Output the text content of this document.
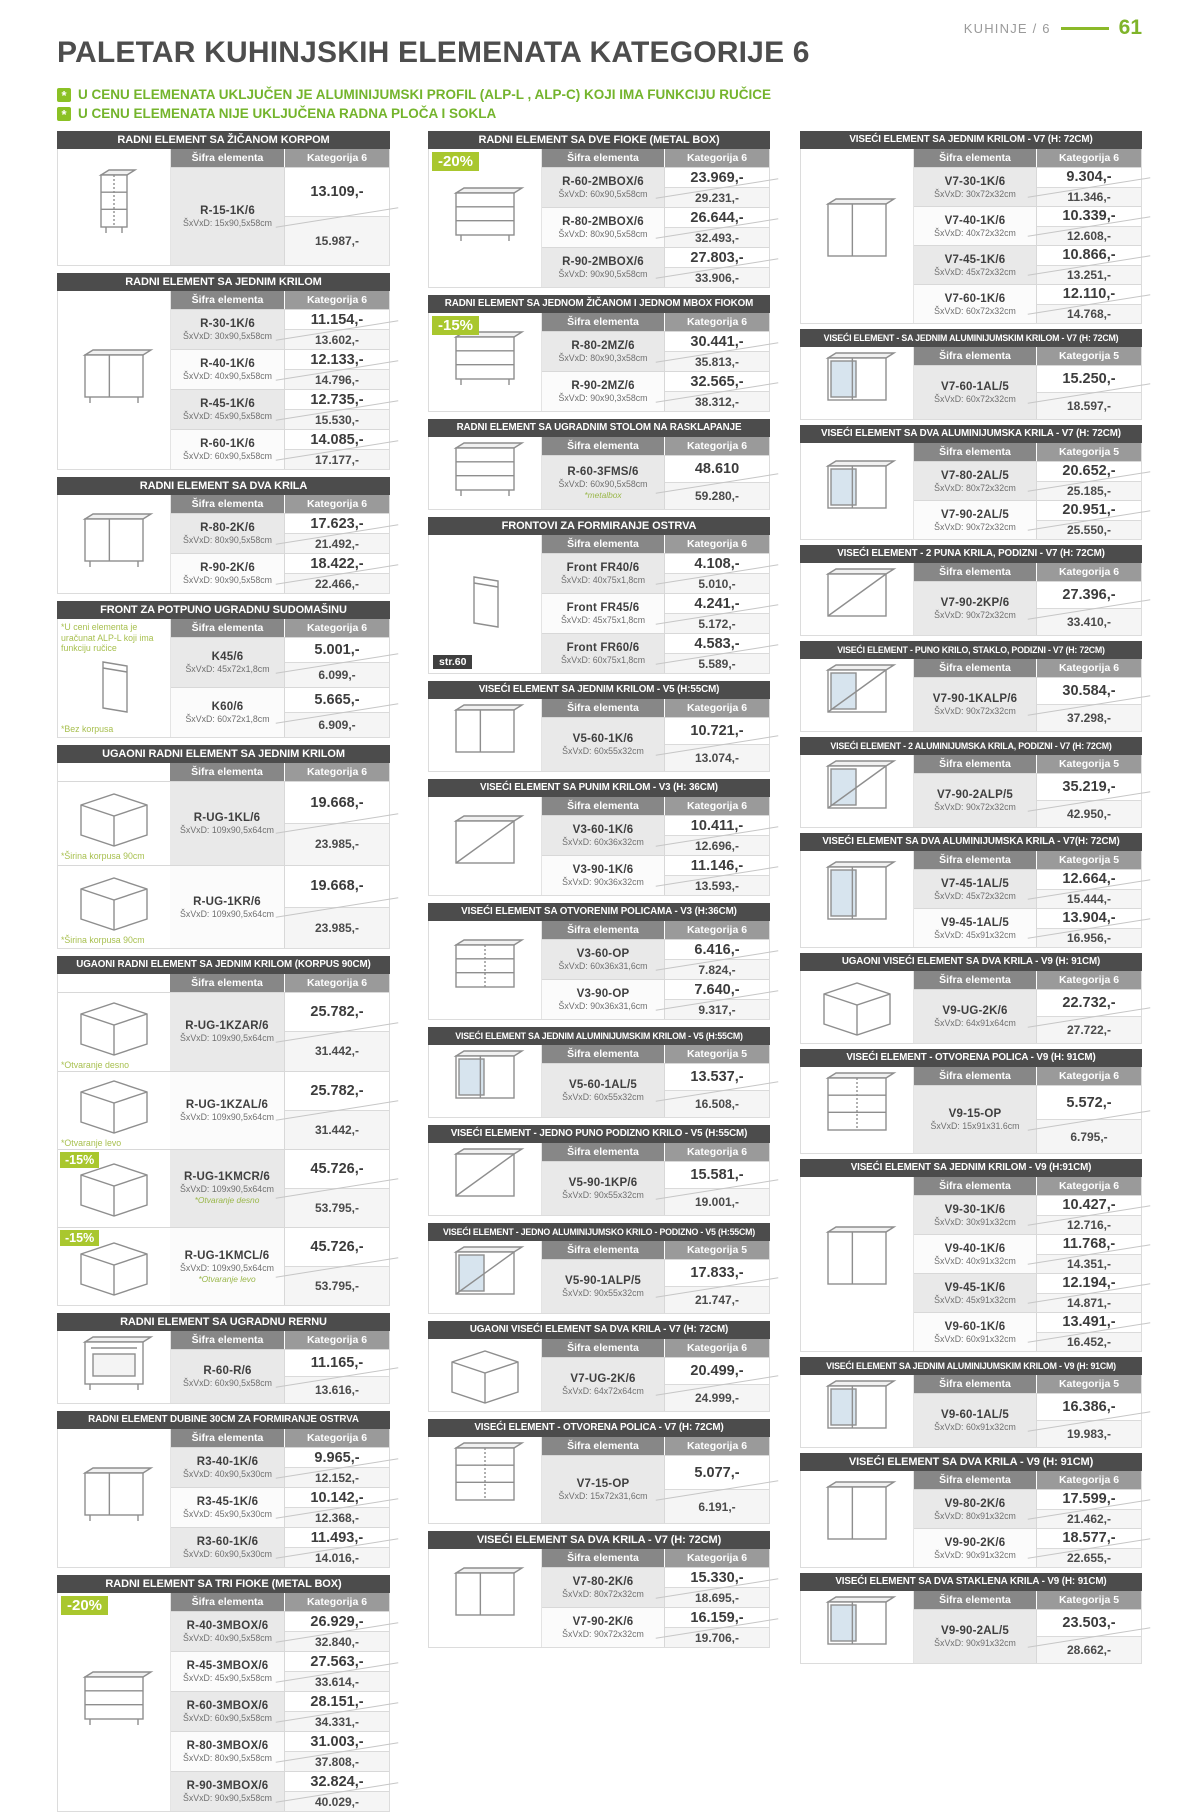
KUHINJE / 6	61
PALETAR KUHINJSKIH ELEMENATA KATEGORIJE 6
* U CENU ELEMENATA UKLJUČEN JE ALUMINIJUMSKI PROFIL (ALP-L , ALP-C) KOJI IMA FUNKCIJU RUČICE
* U CENU ELEMENATA NIJE UKLJUČENA RADNA PLOČA I SOKLA
RADNI ELEMENT SA ŽIČANOM KORPOM
Šifra elementa	Kategorija 6
R-15-1K/6
ŠxVxD: 15x90,5x58cm
13.109,-
15.987,-
RADNI ELEMENT SA JEDNIM KRILOM
Šifra elementa	Kategorija 6
R-30-1K/6
ŠxVxD: 30x90,5x58cm
11.154,-
13.602,-
R-40-1K/6
ŠxVxD: 40x90,5x58cm
12.133,-
14.796,-
R-45-1K/6
ŠxVxD: 45x90,5x58cm
12.735,-
15.530,-
R-60-1K/6
ŠxVxD: 60x90,5x58cm
14.085,-
17.177,-
RADNI ELEMENT SA DVA KRILA
Šifra elementa	Kategorija 6
R-80-2K/6
ŠxVxD: 80x90,5x58cm
17.623,-
21.492,-
R-90-2K/6
ŠxVxD: 90x90,5x58cm
18.422,-
22.466,-
FRONT ZA POTPUNO UGRADNU SUDOMAŠINU
*U ceni elementa je uračunat ALP-L koji ima funkciju ručice
*Bez korpusa
Šifra elementa	Kategorija 6
K45/6
ŠxVxD: 45x72x1,8cm
5.001,-
6.099,-
K60/6
ŠxVxD: 60x72x1,8cm
5.665,-
6.909,-
UGAONI RADNI ELEMENT SA JEDNIM KRILOM
Šifra elementa	Kategorija 6
*Širina korpusa 90cm
R-UG-1KL/6
ŠxVxD: 109x90,5x64cm
19.668,-
23.985,-
*Širina korpusa 90cm
R-UG-1KR/6
ŠxVxD: 109x90,5x64cm
19.668,-
23.985,-
UGAONI RADNI ELEMENT SA JEDNIM KRILOM (KORPUS 90CM)
Šifra elementa	Kategorija 6
*Otvaranje desno
R-UG-1KZAR/6
ŠxVxD: 109x90,5x64cm
25.782,-
31.442,-
*Otvaranje levo
R-UG-1KZAL/6
ŠxVxD: 109x90,5x64cm
25.782,-
31.442,-
-15%
R-UG-1KMCR/6
ŠxVxD: 109x90,5x64cm
*Otvaranje desno
45.726,-
53.795,-
-15%
R-UG-1KMCL/6
ŠxVxD: 109x90,5x64cm
*Otvaranje levo
45.726,-
53.795,-
RADNI ELEMENT SA UGRADNU RERNU
Šifra elementa	Kategorija 6
R-60-R/6
ŠxVxD: 60x90,5x58cm
11.165,-
13.616,-
RADNI ELEMENT DUBINE 30CM ZA FORMIRANJE OSTRVA
Šifra elementa	Kategorija 6
R3-40-1K/6
ŠxVxD: 40x90,5x30cm
9.965,-
12.152,-
R3-45-1K/6
ŠxVxD: 45x90,5x30cm
10.142,-
12.368,-
R3-60-1K/6
ŠxVxD: 60x90,5x30cm
11.493,-
14.016,-
RADNI ELEMENT SA TRI FIOKE (METAL BOX)
-20%	Šifra elementa	Kategorija 6
R-40-3MBOX/6
ŠxVxD: 40x90,5x58cm
26.929,-
32.840,-
R-45-3MBOX/6
ŠxVxD: 45x90,5x58cm
27.563,-
33.614,-
R-60-3MBOX/6
ŠxVxD: 60x90,5x58cm
28.151,-
34.331,-
R-80-3MBOX/6
ŠxVxD: 80x90,5x58cm
31.003,-
37.808,-
R-90-3MBOX/6
ŠxVxD: 90x90,5x58cm
32.824,-
40.029,-
RADNI ELEMENT SA DVE FIOKE (METAL BOX)
-20%	Šifra elementa	Kategorija 6
R-60-2MBOX/6
ŠxVxD: 60x90,5x58cm
23.969,-
29.231,-
R-80-2MBOX/6
ŠxVxD: 80x90,5x58cm
26.644,-
32.493,-
R-90-2MBOX/6
ŠxVxD: 90x90,5x58cm
27.803,-
33.906,-
RADNI ELEMENT SA JEDNOM ŽIČANOM I JEDNOM MBOX FIOKOM
-15%	Šifra elementa	Kategorija 6
R-80-2MZ/6
ŠxVxD: 80x90,3x58cm
30.441,-
35.813,-
R-90-2MZ/6
ŠxVxD: 90x90,3x58cm
32.565,-
38.312,-
RADNI ELEMENT SA UGRADNIM STOLOM NA RASKLAPANJE
Šifra elementa	Kategorija 6
R-60-3FMS/6
ŠxVxD: 60x90,5x58cm
*metalbox
48.610
59.280,-
FRONTOVI ZA FORMIRANJE OSTRVA
str.60
Šifra elementa	Kategorija 6
Front FR40/6
ŠxVxD: 40x75x1,8cm
4.108,-
5.010,-
Front FR45/6
ŠxVxD: 45x75x1,8cm
4.241,-
5.172,-
Front FR60/6
ŠxVxD: 60x75x1,8cm
4.583,-
5.589,-
VISEĆI ELEMENT SA JEDNIM KRILOM - V5 (H:55CM)
Šifra elementa	Kategorija 6
V5-60-1K/6
ŠxVxD: 60x55x32cm
10.721,-
13.074,-
VISEĆI ELEMENT SA PUNIM KRILOM - V3 (H: 36CM)
Šifra elementa	Kategorija 6
V3-60-1K/6
ŠxVxD: 60x36x32cm
10.411,-
12.696,-
V3-90-1K/6
ŠxVxD: 90x36x32cm
11.146,-
13.593,-
VISEĆI ELEMENT SA OTVORENIM POLICAMA - V3 (H:36CM)
Šifra elementa	Kategorija 6
V3-60-OP
ŠxVxD: 60x36x31,6cm
6.416,-
7.824,-
V3-90-OP
ŠxVxD: 90x36x31,6cm
7.640,-
9.317,-
VISEĆI ELEMENT SA JEDNIM ALUMINIJUMSKIM KRILOM - V5 (H:55CM)
Šifra elementa	Kategorija 5
V5-60-1AL/5
ŠxVxD: 60x55x32cm
13.537,-
16.508,-
VISEĆI ELEMENT - JEDNO PUNO PODIZNO KRILO - V5 (H:55CM)
Šifra elementa	Kategorija 6
V5-90-1KP/6
ŠxVxD: 90x55x32cm
15.581,-
19.001,-
VISEĆI ELEMENT - JEDNO ALUMINIJUMSKO KRILO - PODIZNO - V5 (H:55CM)
Šifra elementa	Kategorija 5
V5-90-1ALP/5
ŠxVxD: 90x55x32cm
17.833,-
21.747,-
UGAONI VISEĆI ELEMENT SA DVA KRILA - V7 (H: 72CM)
Šifra elementa	Kategorija 6
V7-UG-2K/6
ŠxVxD: 64x72x64cm
20.499,-
24.999,-
VISEĆI ELEMENT - OTVORENA POLICA - V7 (H: 72CM)
Šifra elementa	Kategorija 6
V7-15-OP
ŠxVxD: 15x72x31,6cm
5.077,-
6.191,-
VISEĆI ELEMENT SA DVA KRILA - V7 (H: 72CM)
Šifra elementa	Kategorija 6
V7-80-2K/6
ŠxVxD: 80x72x32cm
15.330,-
18.695,-
V7-90-2K/6
ŠxVxD: 90x72x32cm
16.159,-
19.706,-
VISEĆI ELEMENT SA JEDNIM KRILOM - V7 (H: 72CM)
Šifra elementa	Kategorija 6
V7-30-1K/6
ŠxVxD: 30x72x32cm
9.304,-
11.346,-
V7-40-1K/6
ŠxVxD: 40x72x32cm
10.339,-
12.608,-
V7-45-1K/6
ŠxVxD: 45x72x32cm
10.866,-
13.251,-
V7-60-1K/6
ŠxVxD: 60x72x32cm
12.110,-
14.768,-
VISEĆI ELEMENT - SA JEDNIM ALUMINIJUMSKIM KRILOM - V7 (H: 72CM)
Šifra elementa	Kategorija 5
V7-60-1AL/5
ŠxVxD: 60x72x32cm
15.250,-
18.597,-
VISEĆI ELEMENT SA DVA ALUMINIJUMSKA KRILA - V7 (H: 72CM)
Šifra elementa	Kategorija 5
V7-80-2AL/5
ŠxVxD: 80x72x32cm
20.652,-
25.185,-
V7-90-2AL/5
ŠxVxD: 90x72x32cm
20.951,-
25.550,-
VISEĆI ELEMENT - 2 PUNA KRILA, PODIZNI - V7 (H: 72CM)
Šifra elementa	Kategorija 6
V7-90-2KP/6
ŠxVxD: 90x72x32cm
27.396,-
33.410,-
VISEĆI ELEMENT - PUNO KRILO, STAKLO, PODIZNI - V7 (H: 72CM)
Šifra elementa	Kategorija 6
V7-90-1KALP/6
ŠxVxD: 90x72x32cm
30.584,-
37.298,-
VISEĆI ELEMENT - 2 ALUMINIJUMSKA KRILA, PODIZNI - V7 (H: 72CM)
Šifra elementa	Kategorija 5
V7-90-2ALP/5
ŠxVxD: 90x72x32cm
35.219,-
42.950,-
VISEĆI ELEMENT SA DVA ALUMINIJUMSKA KRILA - V7(H: 72CM)
Šifra elementa	Kategorija 5
V7-45-1AL/5
ŠxVxD: 45x72x32cm
12.664,-
15.444,-
V9-45-1AL/5
ŠxVxD: 45x91x32cm
13.904,-
16.956,-
UGAONI VISEĆI ELEMENT SA DVA KRILA - V9 (H: 91CM)
Šifra elementa	Kategorija 6
V9-UG-2K/6
ŠxVxD: 64x91x64cm
22.732,-
27.722,-
VISEĆI ELEMENT - OTVORENA POLICA - V9 (H: 91CM)
Šifra elementa	Kategorija 6
V9-15-OP
ŠxVxD: 15x91x31.6cm
5.572,-
6.795,-
VISEĆI ELEMENT SA JEDNIM KRILOM - V9 (H:91CM)
Šifra elementa	Kategorija 6
V9-30-1K/6
ŠxVxD: 30x91x32cm
10.427,-
12.716,-
V9-40-1K/6
ŠxVxD: 40x91x32cm
11.768,-
14.351,-
V9-45-1K/6
ŠxVxD: 45x91x32cm
12.194,-
14.871,-
V9-60-1K/6
ŠxVxD: 60x91x32cm
13.491,-
16.452,-
VISEĆI ELEMENT SA JEDNIM ALUMINIJUMSKIM KRILOM - V9 (H: 91CM)
Šifra elementa	Kategorija 5
V9-60-1AL/5
ŠxVxD: 60x91x32cm
16.386,-
19.983,-
VISEĆI ELEMENT SA DVA KRILA - V9 (H: 91CM)
Šifra elementa	Kategorija 6
V9-80-2K/6
ŠxVxD: 80x91x32cm
17.599,-
21.462,-
V9-90-2K/6
ŠxVxD: 90x91x32cm
18.577,-
22.655,-
VISEĆI ELEMENT SA DVA STAKLENA KRILA - V9 (H: 91CM)
Šifra elementa	Kategorija 5
V9-90-2AL/5
ŠxVxD: 90x91x32cm
23.503,-
28.662,-
